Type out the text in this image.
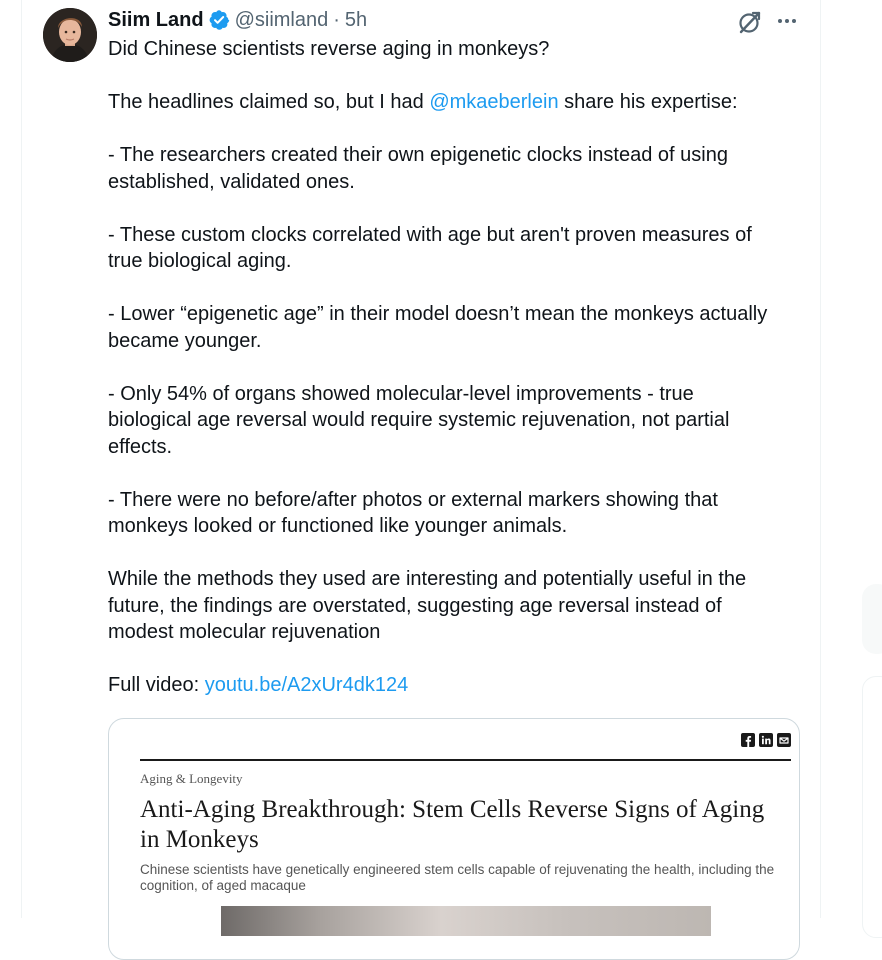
Siim Land @siimland · 5h
Did Chinese scientists reverse aging in monkeys?

The headlines claimed so, but I had @mkaeberlein share his expertise:

- The researchers created their own epigenetic clocks instead of using
established, validated ones.

- These custom clocks correlated with age but aren't proven measures of
true biological aging.

- Lower “epigenetic age” in their model doesn’t mean the monkeys actually
became younger.

- Only 54% of organs showed molecular-level improvements - true
biological age reversal would require systemic rejuvenation, not partial
effects.

- There were no before/after photos or external markers showing that
monkeys looked or functioned like younger animals.

While the methods they used are interesting and potentially useful in the
future, the findings are overstated, suggesting age reversal instead of
modest molecular rejuvenation

Full video: youtu.be/A2xUr4dk124
Aging & Longevity
Anti-Aging Breakthrough: Stem Cells Reverse Signs of Aging in Monkeys
Chinese scientists have genetically engineered stem cells capable of rejuvenating the health, including the cognition, of aged macaque
